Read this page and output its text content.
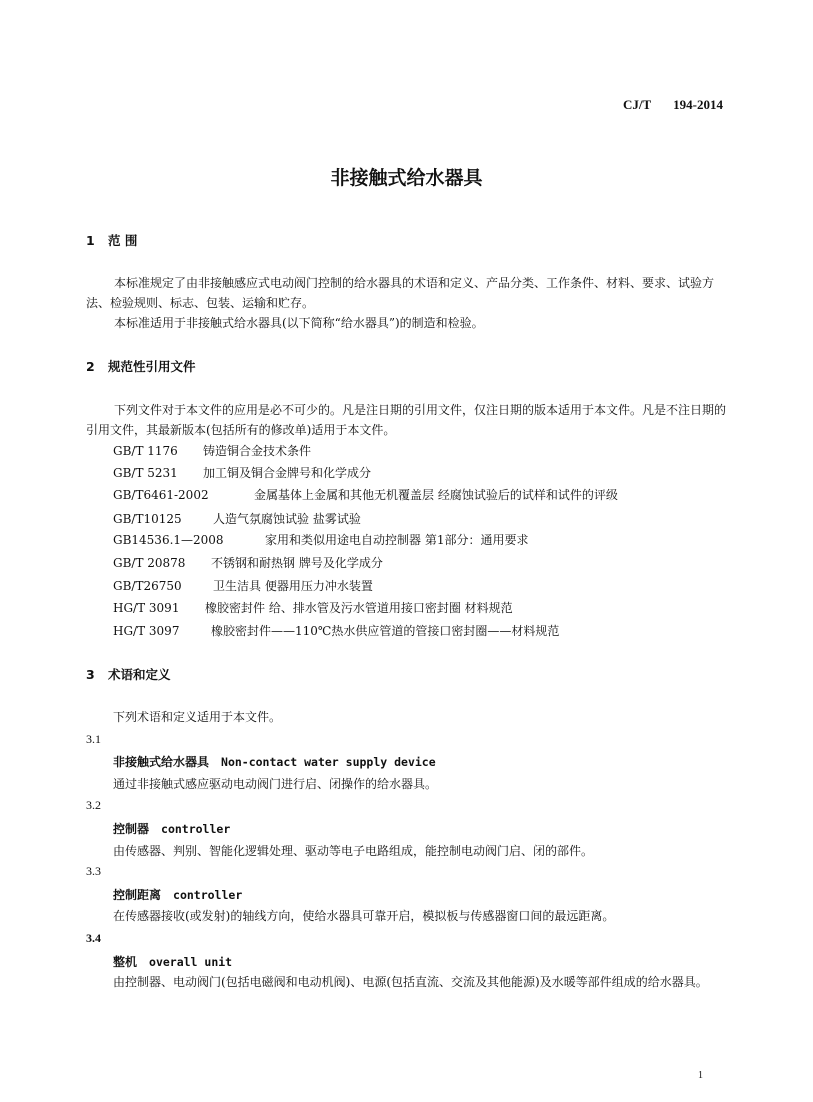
CJ/T 194-2014
非接触式给水器具
1 范 围
本标准规定了由非接触感应式电动阀门控制的给水器具的术语和定义、产品分类、工作条件、材料、要求、试验方法、检验规则、标志、包装、运输和贮存。
本标准适用于非接触式给水器具(以下简称“给水器具”)的制造和检验。
2 规范性引用文件
下列文件对于本文件的应用是必不可少的。凡是注日期的引用文件，仅注日期的版本适用于本文件。凡是不注日期的引用文件，其最新版本(包括所有的修改单)适用于本文件。
GB/T 1176 铸造铜合金技术条件
GB/T 5231 加工铜及铜合金牌号和化学成分
GB/T6461-2002	金属基体上金属和其他无机覆盖层 经腐蚀试验后的试样和试件的评级
GB/T10125	人造气氛腐蚀试验 盐雾试验
GB14536.1—2008	家用和类似用途电自动控制器 第1部分：通用要求
GB/T 20878 不锈钢和耐热钢 牌号及化学成分
GB/T26750	卫生洁具 便器用压力冲水装置
HG/T 3091 橡胶密封件 给、排水管及污水管道用接口密封圈 材料规范
HG/T 3097	橡胶密封件——110℃热水供应管道的管接口密封圈——材料规范
3 术语和定义
下列术语和定义适用于本文件。
3.1
非接触式给水器具 Non-contact water supply device
通过非接触式感应驱动电动阀门进行启、闭操作的给水器具。
3.2
控制器 controller
由传感器、判别、智能化逻辑处理、驱动等电子电路组成，能控制电动阀门启、闭的部件。
3.3
控制距离 controller
在传感器接收(或发射)的轴线方向，使给水器具可靠开启，模拟板与传感器窗口间的最远距离。
3.4
整机 overall unit
由控制器、电动阀门(包括电磁阀和电动机阀)、电源(包括直流、交流及其他能源)及水暖等部件组成的给水器具。
1
